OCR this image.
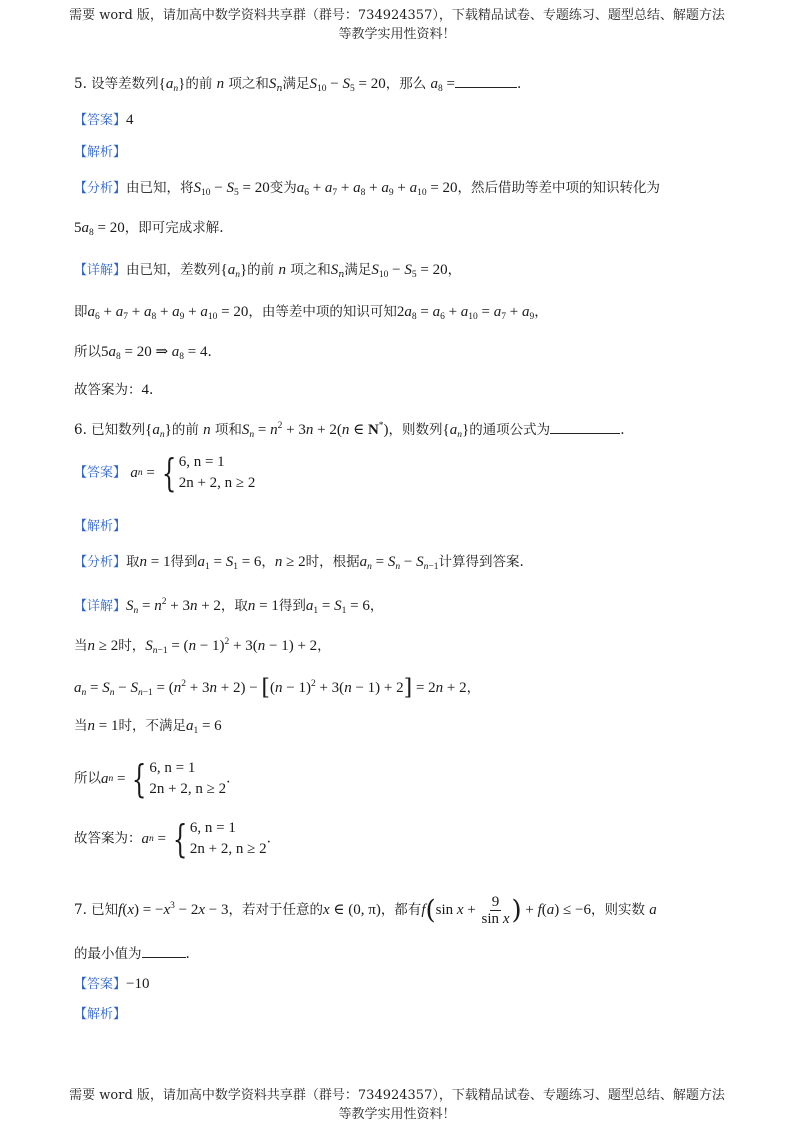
需要 word 版，请加高中数学资料共享群（群号：734924357），下载精品试卷、专题练习、题型总结、解题方法
等教学实用性资料！
5. 设等差数列$\{a_n\}$的前 n 项之和$S_n$满足$S_{10} - S_5 = 20$，那么 $a_8$ =	.
【答案】4
【解析】
【分析】由已知，将$S_{10} - S_5 = 20$变为$a_6 + a_7 + a_8 + a_9 + a_{10} = 20$，然后借助等差中项的知识转化为
$5a_8 = 20$，即可完成求解.
【详解】由已知，差数列$\{a_n\}$的前 n 项之和$S_n$满足$S_{10} - S_5 = 20$，
即$a_6 + a_7 + a_8 + a_9 + a_{10} = 20$，由等差中项的知识可知$2a_8 = a_6 + a_{10} = a_7 + a_9$，
所以$5a_8 = 20$ ⇒ $a_8 = 4$.
故答案为：4.
6. 已知数列$\{a_n\}$的前 n 项和$S_n = n^2 + 3n + 2(n$ ∈ N*)，则数列$\{a_n\}$的通项公式为	.
【答案】 a n = { 6, n = 1
2n + 2, n ≥ 2
【解析】
【分析】取n = 1得到$a_1 = S_1 = 6$，n ≥ 2时，根据$a_n = S_n - S_{n-1}$计算得到答案.
【详解】$S_n = n^2 + 3n + 2$，取n = 1得到$a_1 = S_1 = 6$，
当n ≥ 2时，$S_{n-1} = (n - 1)^2 + 3(n - 1) + 2$，
$a_n = S_n - S_{n-1} = (n^2 + 3n + 2) - [(n - 1)^2 + 3(n - 1) + 2] = 2n + 2$，
当n = 1时，不满足$a_1 = 6$
所以 a n = { 6, n = 1
2n + 2, n ≥ 2
.
故答案为： a n = { 6, n = 1
2n + 2, n ≥ 2
.
7. 已知$f(x) = -x^3 - 2x - 3$，若对于任意的x ∈ (0, π)，都有f(sin $x + \frac{9}{\text{sin x}}$ ) + f(a) ≤ −6，则实数 a
的最小值为	.
【答案】−10
【解析】
需要 word 版，请加高中数学资料共享群（群号：734924357），下载精品试卷、专题练习、题型总结、解题方法
等教学实用性资料！
